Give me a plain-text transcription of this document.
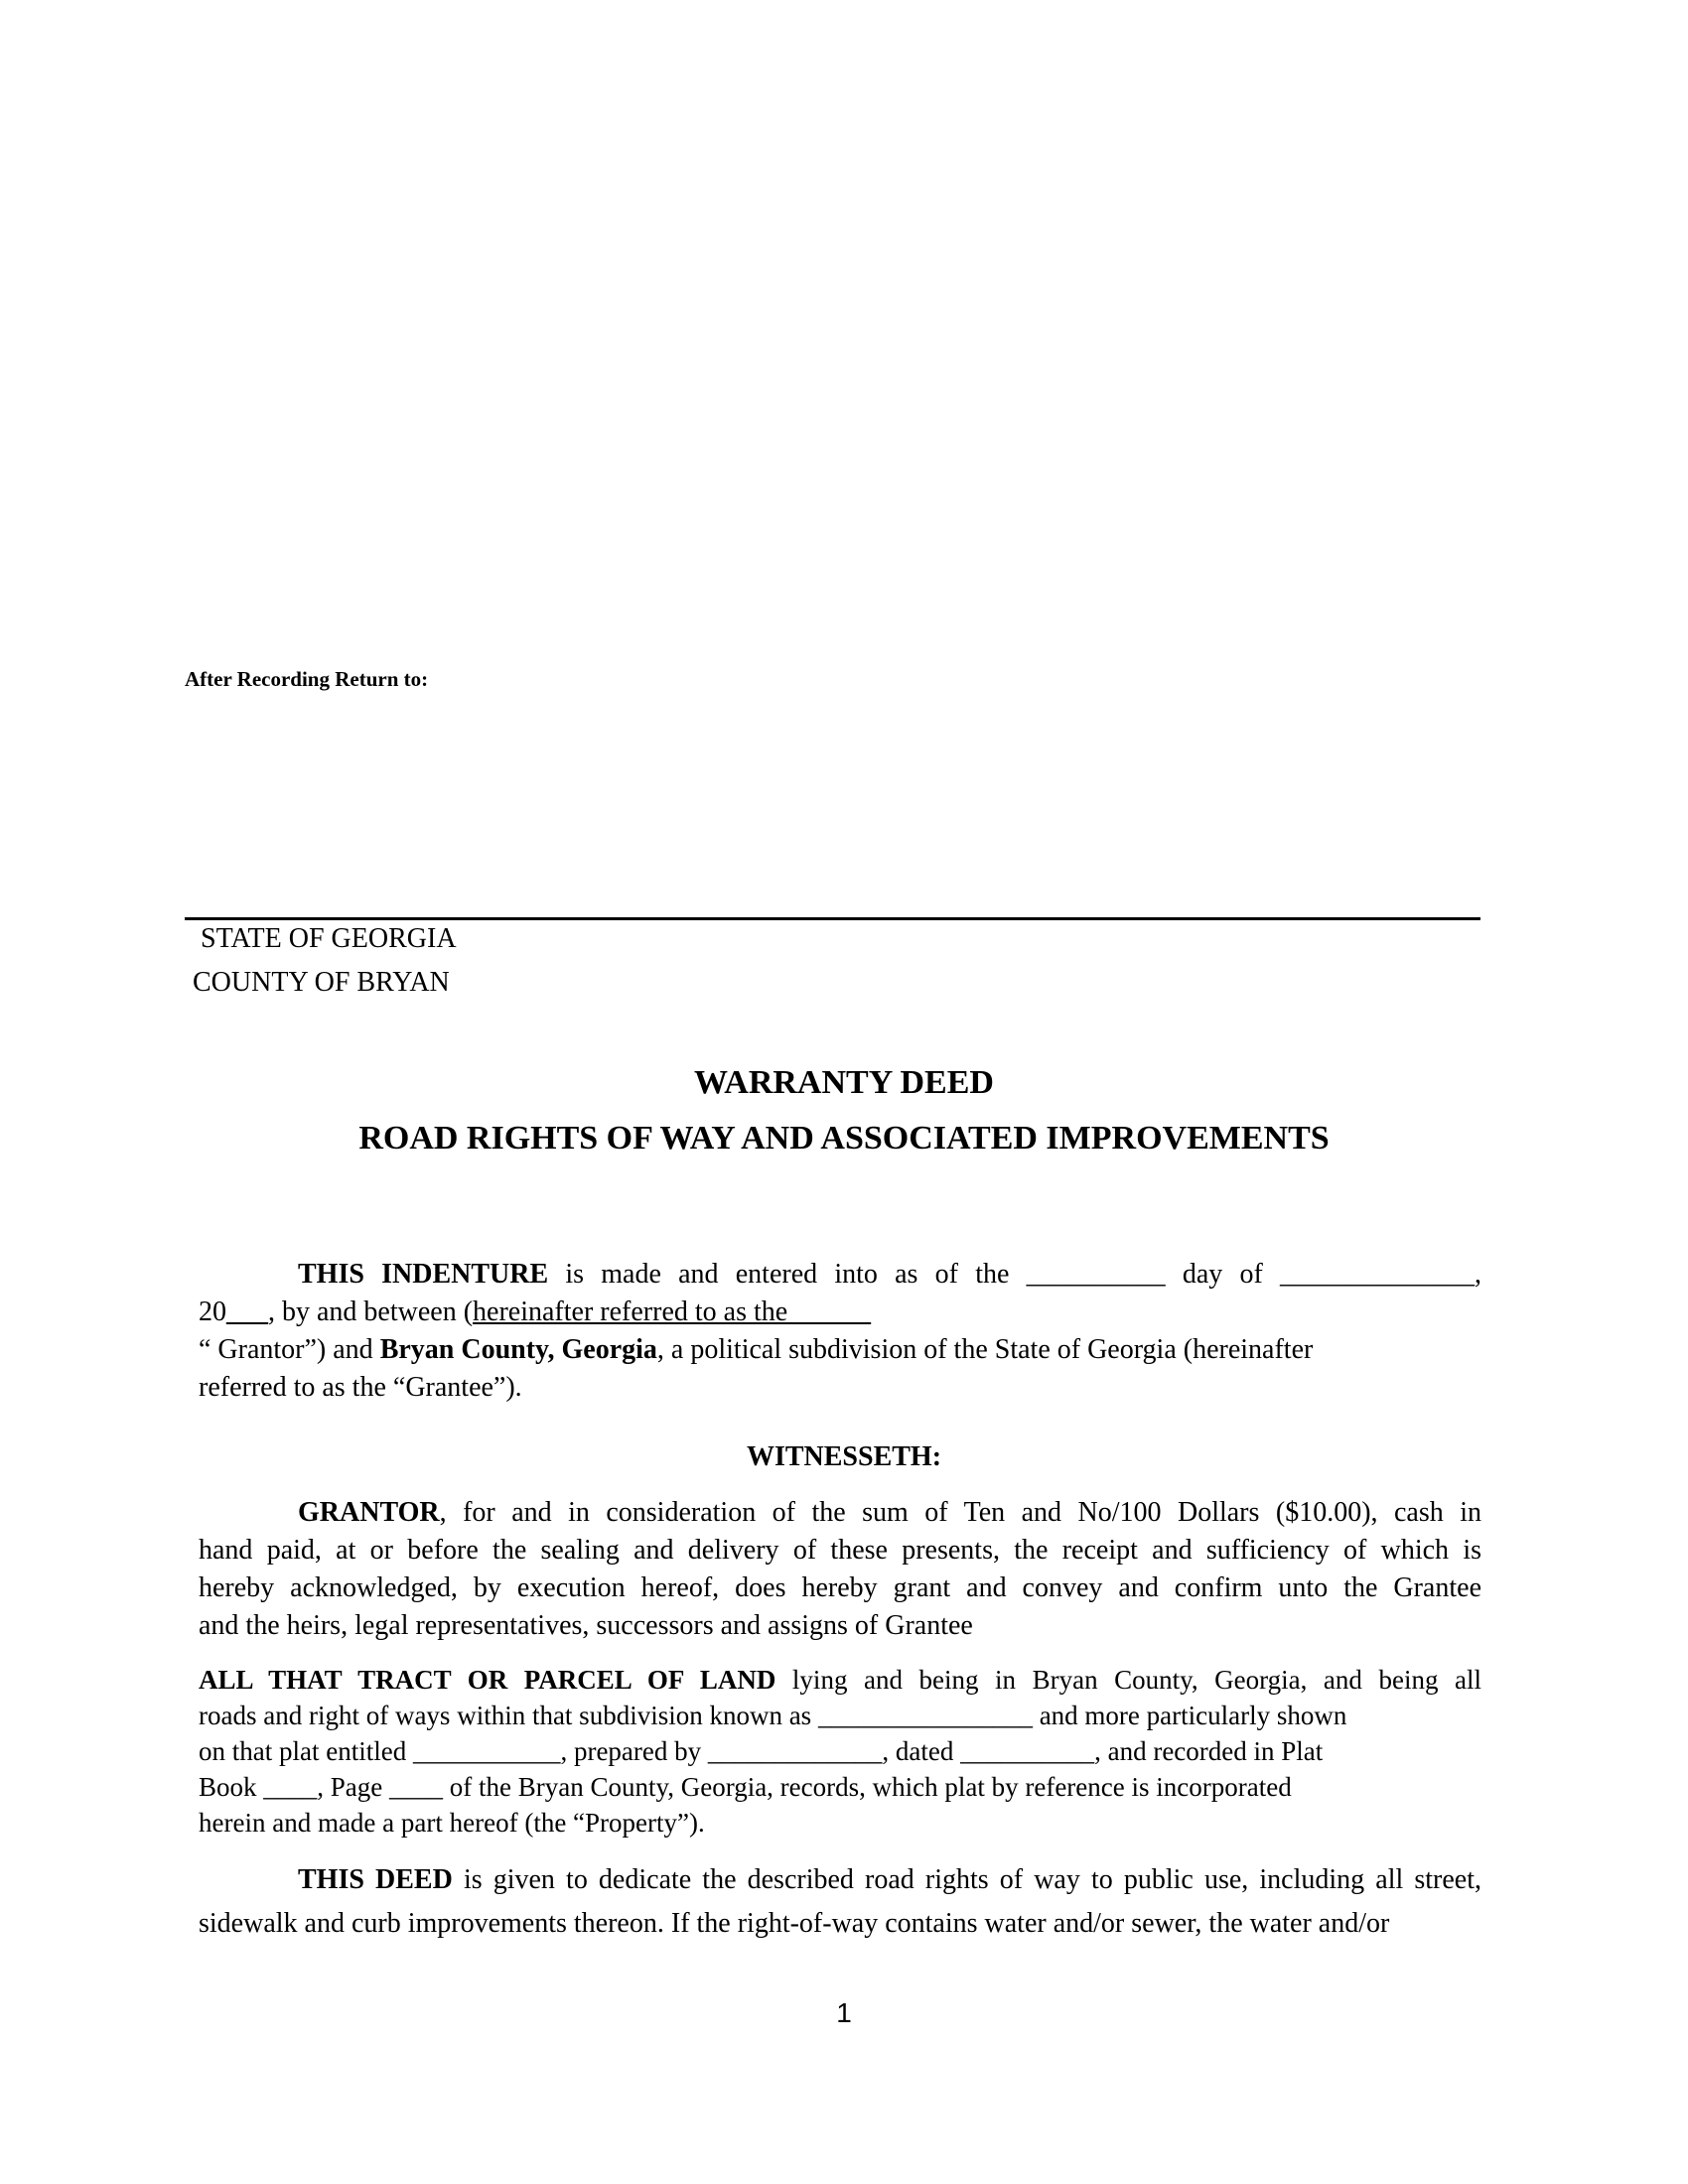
After Recording Return to:
STATE OF GEORGIA
COUNTY OF BRYAN
WARRANTY DEED
ROAD RIGHTS OF WAY AND ASSOCIATED IMPROVEMENTS
THIS INDENTURE is made and entered into as of the __________ day of ______________,
20___, by and between (hereinafter referred to as the
“ Grantor”) and Bryan County, Georgia, a political subdivision of the State of Georgia (hereinafter
referred to as the “Grantee”).
WITNESSETH:
GRANTOR, for and in consideration of the sum of Ten and No/100 Dollars ($10.00), cash in
hand paid, at or before the sealing and delivery of these presents, the receipt and sufficiency of which is
hereby acknowledged, by execution hereof, does hereby grant and convey and confirm unto the Grantee
and the heirs, legal representatives, successors and assigns of Grantee
ALL THAT TRACT OR PARCEL OF LAND lying and being in Bryan County, Georgia, and being all
roads and right of ways within that subdivision known as ________________ and more particularly shown
on that plat entitled ___________, prepared by _____________, dated __________, and recorded in Plat
Book ____, Page ____ of the Bryan County, Georgia, records, which plat by reference is incorporated
herein and made a part hereof (the “Property”).
THIS DEED is given to dedicate the described road rights of way to public use, including all street,
sidewalk and curb improvements thereon. If the right-of-way contains water and/or sewer, the water and/or
1
